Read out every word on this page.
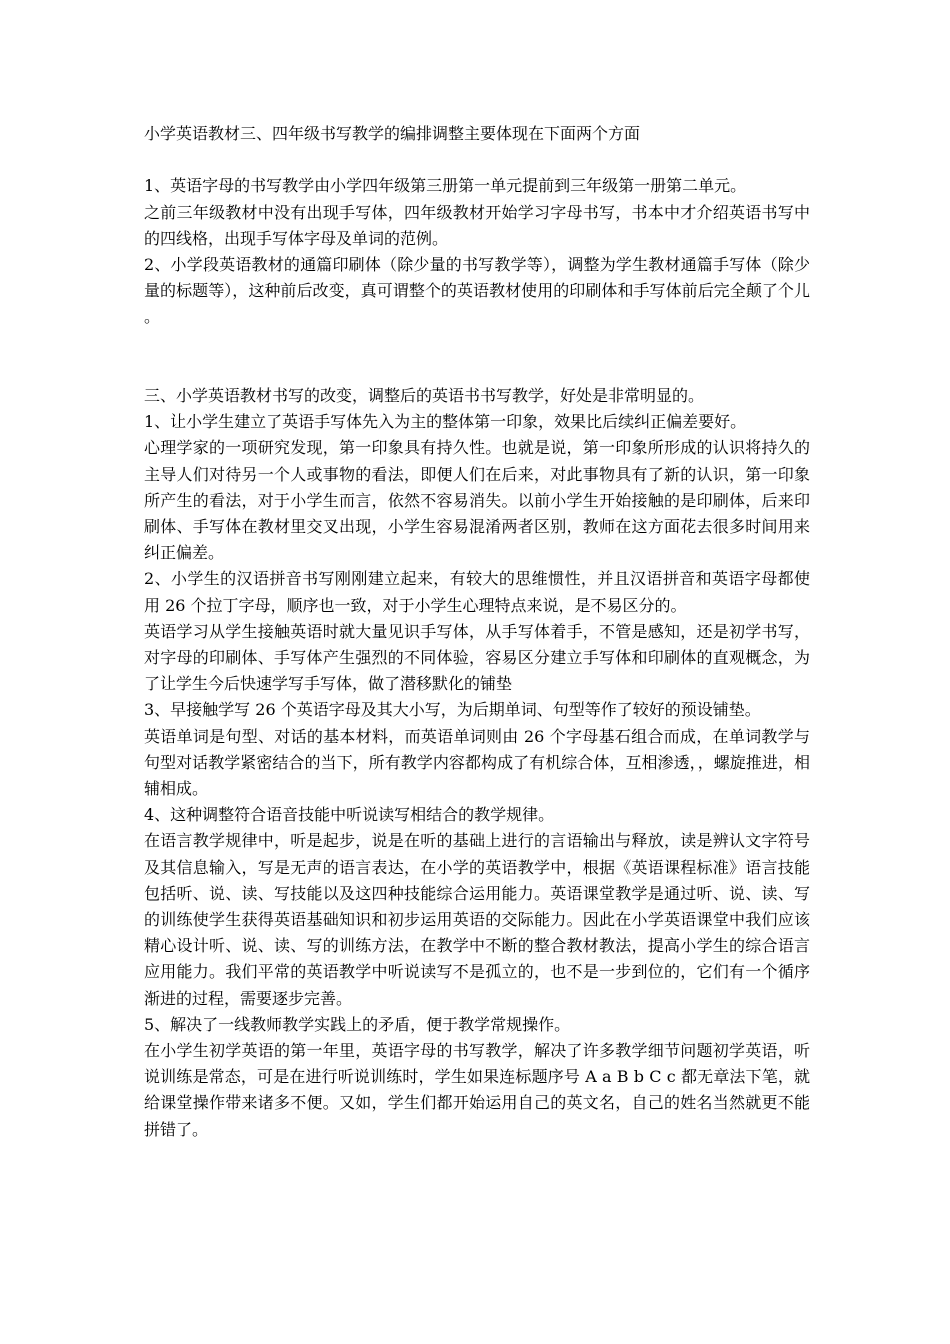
小学英语教材三、四年级书写教学的编排调整主要体现在下面两个方面

1、英语字母的书写教学由小学四年级第三册第一单元提前到三年级第一册第二单元。

之前三年级教材中没有出现手写体，四年级教材开始学习字母书写，书本中才介绍英语书写中的四线格，出现手写体字母及单词的范例。

2、小学段英语教材的通篇印刷体（除少量的书写教学等），调整为学生教材通篇手写体（除少量的标题等），这种前后改变，真可谓整个的英语教材使用的印刷体和手写体前后完全颠了个儿。

三、小学英语教材书写的改变，调整后的英语书书写教学，好处是非常明显的。

1、让小学生建立了英语手写体先入为主的整体第一印象，效果比后续纠正偏差要好。

心理学家的一项研究发现，第一印象具有持久性。也就是说，第一印象所形成的认识将持久的主导人们对待另一个人或事物的看法，即便人们在后来，对此事物具有了新的认识，第一印象所产生的看法，对于小学生而言，依然不容易消失。以前小学生开始接触的是印刷体，后来印刷体、手写体在教材里交叉出现，小学生容易混淆两者区别，教师在这方面花去很多时间用来纠正偏差。

2、小学生的汉语拼音书写刚刚建立起来，有较大的思维惯性，并且汉语拼音和英语字母都使用 26 个拉丁字母，顺序也一致，对于小学生心理特点来说，是不易区分的。

英语学习从学生接触英语时就大量见识手写体，从手写体着手，不管是感知，还是初学书写，对字母的印刷体、手写体产生强烈的不同体验，容易区分建立手写体和印刷体的直观概念，为了让学生今后快速学写手写体，做了潜移默化的铺垫

3、早接触学写 26 个英语字母及其大小写，为后期单词、句型等作了较好的预设铺垫。

英语单词是句型、对话的基本材料，而英语单词则由 26 个字母基石组合而成，在单词教学与句型对话教学紧密结合的当下，所有教学内容都构成了有机综合体，互相渗透，，螺旋推进，相辅相成。

4、这种调整符合语音技能中听说读写相结合的教学规律。

在语言教学规律中，听是起步，说是在听的基础上进行的言语输出与释放，读是辨认文字符号及其信息输入，写是无声的语言表达，在小学的英语教学中，根据《英语课程标准》语言技能包括听、说、读、写技能以及这四种技能综合运用能力。英语课堂教学是通过听、说、读、写的训练使学生获得英语基础知识和初步运用英语的交际能力。因此在小学英语课堂中我们应该精心设计听、说、读、写的训练方法，在教学中不断的整合教材教法，提高小学生的综合语言应用能力。我们平常的英语教学中听说读写不是孤立的，也不是一步到位的，它们有一个循序渐进的过程，需要逐步完善。

5、解决了一线教师教学实践上的矛盾，便于教学常规操作。

在小学生初学英语的第一年里，英语字母的书写教学，解决了许多教学细节问题初学英语，听说训练是常态，可是在进行听说训练时，学生如果连标题序号 A a B b C c 都无章法下笔，就给课堂操作带来诸多不便。又如，学生们都开始运用自己的英文名，自己的姓名当然就更不能拼错了。
